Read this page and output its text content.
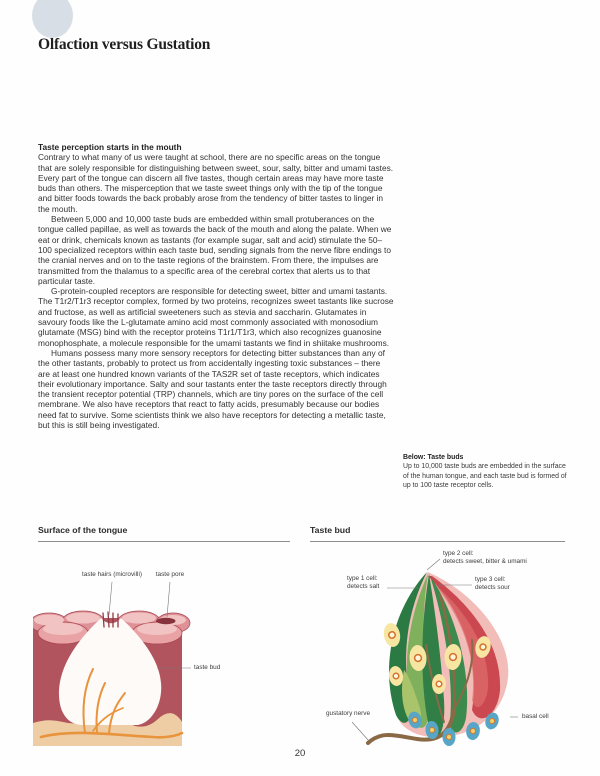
Olfaction versus Gustation
Taste perception starts in the mouth

Contrary to what many of us were taught at school, there are no specific areas on the tongue that are solely responsible for distinguishing between sweet, sour, salty, bitter and umami tastes. Every part of the tongue can discern all five tastes, though certain areas may have more taste buds than others. The misperception that we taste sweet things only with the tip of the tongue and bitter foods towards the back probably arose from the tendency of bitter tastes to linger in the mouth.

Between 5,000 and 10,000 taste buds are embedded within small protuberances on the tongue called papillae, as well as towards the back of the mouth and along the palate. When we eat or drink, chemicals known as tastants (for example sugar, salt and acid) stimulate the 50–100 specialized receptors within each taste bud, sending signals from the nerve fibre endings to the cranial nerves and on to the taste regions of the brainstem. From there, the impulses are transmitted from the thalamus to a specific area of the cerebral cortex that alerts us to that particular taste.

G-protein-coupled receptors are responsible for detecting sweet, bitter and umami tastants. The T1r2/T1r3 receptor complex, formed by two proteins, recognizes sweet tastants like sucrose and fructose, as well as artificial sweeteners such as stevia and saccharin. Glutamates in savoury foods like the L-glutamate amino acid most commonly associated with monosodium glutamate (MSG) bind with the receptor proteins T1r1/T1r3, which also recognizes guanosine monophosphate, a molecule responsible for the umami tastants we find in shiitake mushrooms.

Humans possess many more sensory receptors for detecting bitter substances than any of the other tastants, probably to protect us from accidentally ingesting toxic substances – there are at least one hundred known variants of the TAS2R set of taste receptors, which indicates their evolutionary importance. Salty and sour tastants enter the taste receptors directly through the transient receptor potential (TRP) channels, which are tiny pores on the surface of the cell membrane. We also have receptors that react to fatty acids, presumably because our bodies need fat to survive. Some scientists think we also have receptors for detecting a metallic taste, but this is still being investigated.

Below: Taste buds
Up to 10,000 taste buds are embedded in the surface of the human tongue, and each taste bud is formed of up to 100 taste receptor cells.
Surface of the tongue	Taste bud
taste hairs (microvilli)	taste pore
taste bud
type 2 cell:
detects sweet, bitter & umami
type 1 cell:
detects salt
type 3 cell:
detects sour
gustatory nerve	basal cell
20
